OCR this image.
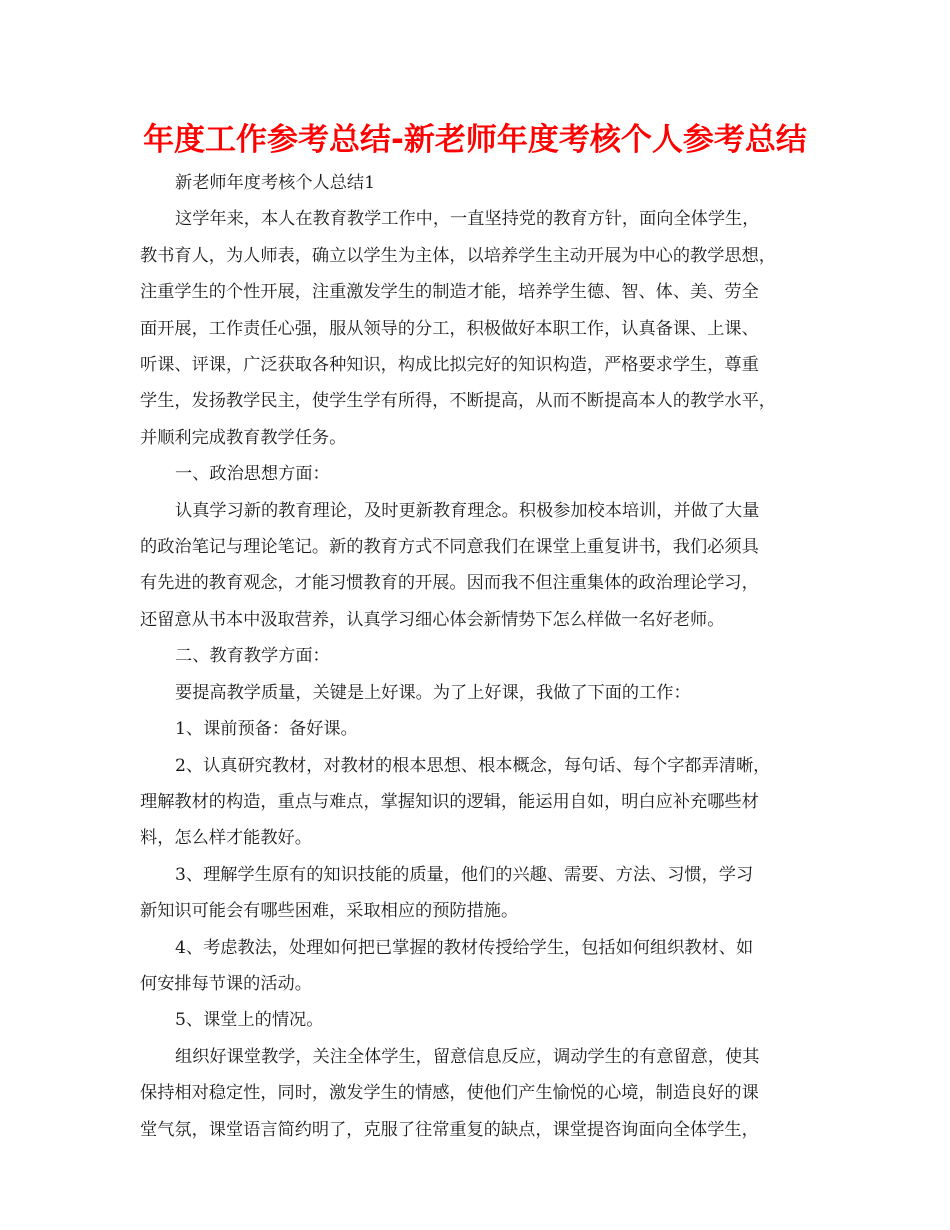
年度工作参考总结-新老师年度考核个人参考总结

新老师年度考核个人总结1

这学年来，本人在教育教学工作中，一直坚持党的教育方针，面向全体学生，

教书育人，为人师表，确立以学生为主体，以培养学生主动开展为中心的教学思想，

注重学生的个性开展，注重激发学生的制造才能，培养学生德、智、体、美、劳全

面开展，工作责任心强，服从领导的分工，积极做好本职工作，认真备课、上课、

听课、评课，广泛获取各种知识，构成比拟完好的知识构造，严格要求学生，尊重

学生，发扬教学民主，使学生学有所得，不断提高，从而不断提高本人的教学水平，

并顺利完成教育教学任务。

一、政治思想方面：

认真学习新的教育理论，及时更新教育理念。积极参加校本培训，并做了大量

的政治笔记与理论笔记。新的教育方式不同意我们在课堂上重复讲书，我们必须具

有先进的教育观念，才能习惯教育的开展。因而我不但注重集体的政治理论学习，

还留意从书本中汲取营养，认真学习细心体会新情势下怎么样做一名好老师。

二、教育教学方面：

要提高教学质量，关键是上好课。为了上好课，我做了下面的工作：

1、课前预备：备好课。

2、认真研究教材，对教材的根本思想、根本概念，每句话、每个字都弄清晰，

理解教材的构造，重点与难点，掌握知识的逻辑，能运用自如，明白应补充哪些材

料，怎么样才能教好。

3、理解学生原有的知识技能的质量，他们的兴趣、需要、方法、习惯，学习

新知识可能会有哪些困难，采取相应的预防措施。

4、考虑教法，处理如何把已掌握的教材传授给学生，包括如何组织教材、如

何安排每节课的活动。

5、课堂上的情况。

组织好课堂教学，关注全体学生，留意信息反应，调动学生的有意留意，使其

保持相对稳定性，同时，激发学生的情感，使他们产生愉悦的心境，制造良好的课

堂气氛，课堂语言简约明了，克服了往常重复的缺点，课堂提咨询面向全体学生，
